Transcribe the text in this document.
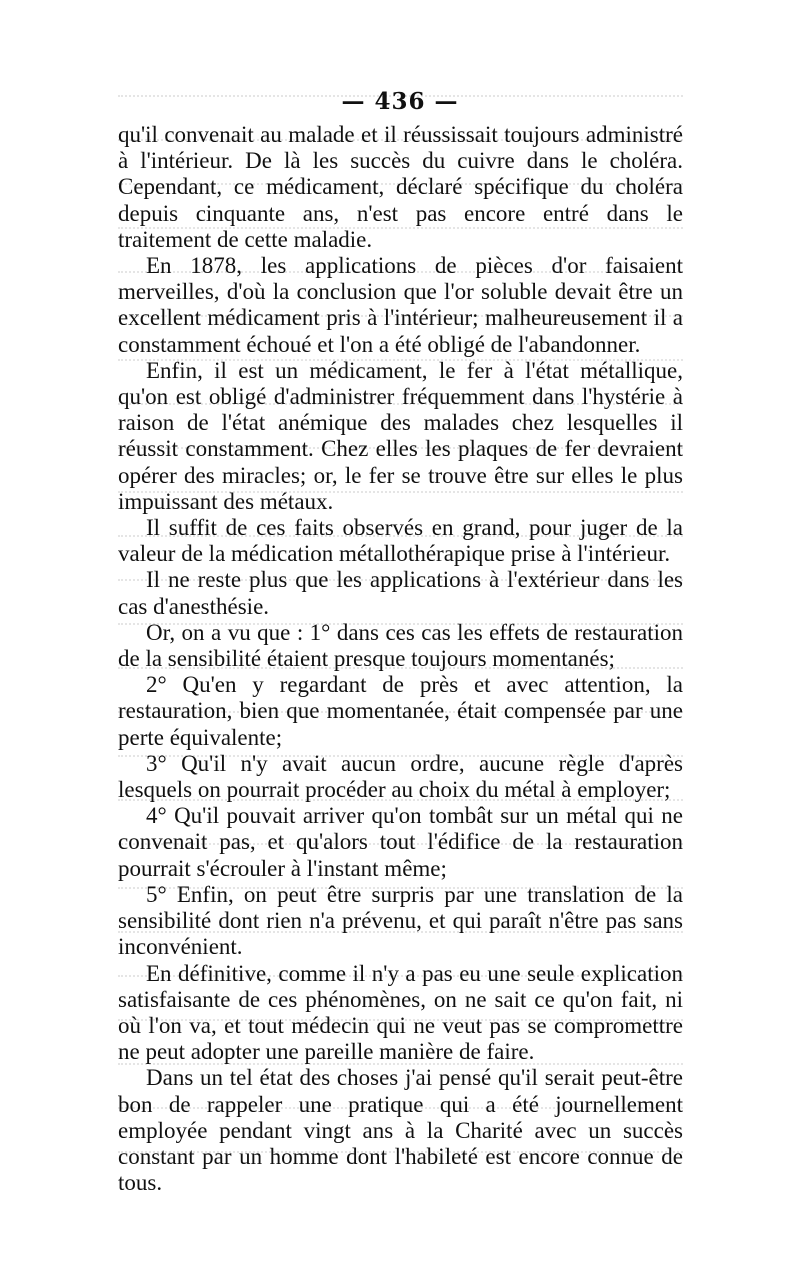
— 436 —

qu'il convenait au malade et il réussissait toujours administré à l'intérieur. De là les succès du cuivre dans le choléra. Cependant, ce médicament, déclaré spécifique du choléra depuis cinquante ans, n'est pas encore entré dans le traitement de cette maladie.

En 1878, les applications de pièces d'or faisaient merveilles, d'où la conclusion que l'or soluble devait être un excellent médicament pris à l'intérieur; malheureusement il a constamment échoué et l'on a été obligé de l'abandonner.

Enfin, il est un médicament, le fer à l'état métallique, qu'on est obligé d'administrer fréquemment dans l'hystérie à raison de l'état anémique des malades chez lesquelles il réussit constamment. Chez elles les plaques de fer devraient opérer des miracles; or, le fer se trouve être sur elles le plus impuissant des métaux.

Il suffit de ces faits observés en grand, pour juger de la valeur de la médication métallothérapique prise à l'intérieur.

Il ne reste plus que les applications à l'extérieur dans les cas d'anesthésie.

Or, on a vu que : 1° dans ces cas les effets de restauration de la sensibilité étaient presque toujours momentanés;

2° Qu'en y regardant de près et avec attention, la restauration, bien que momentanée, était compensée par une perte équivalente;

3° Qu'il n'y avait aucun ordre, aucune règle d'après lesquels on pourrait procéder au choix du métal à employer;

4° Qu'il pouvait arriver qu'on tombât sur un métal qui ne convenait pas, et qu'alors tout l'édifice de la restauration pourrait s'écrouler à l'instant même;

5° Enfin, on peut être surpris par une translation de la sensibilité dont rien n'a prévenu, et qui paraît n'être pas sans inconvénient.

En définitive, comme il n'y a pas eu une seule explication satisfaisante de ces phénomènes, on ne sait ce qu'on fait, ni où l'on va, et tout médecin qui ne veut pas se compromettre ne peut adopter une pareille manière de faire.

Dans un tel état des choses j'ai pensé qu'il serait peut-être bon de rappeler une pratique qui a été journellement employée pendant vingt ans à la Charité avec un succès constant par un homme dont l'habileté est encore connue de tous.
